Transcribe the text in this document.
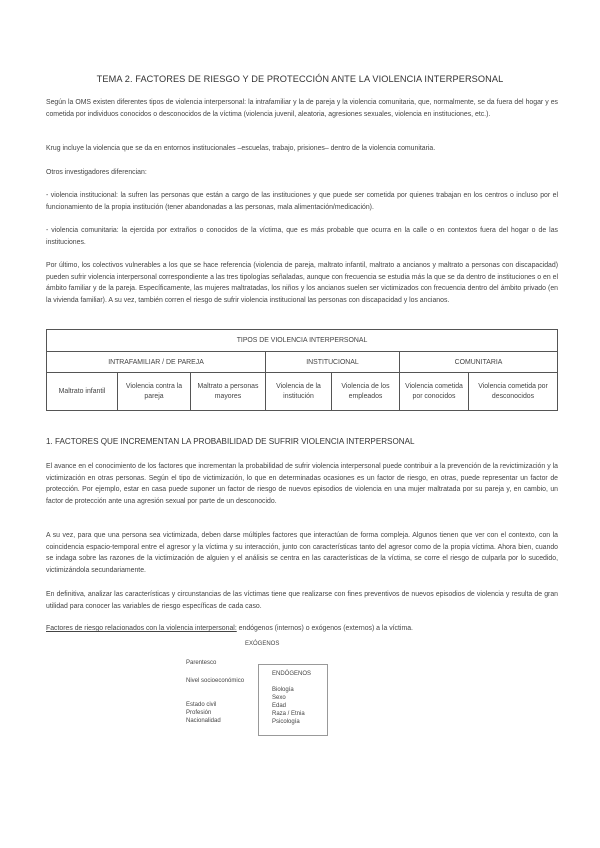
TEMA 2. FACTORES DE RIESGO Y DE PROTECCIÓN ANTE LA VIOLENCIA INTERPERSONAL
Según la OMS existen diferentes tipos de violencia interpersonal: la intrafamiliar y la de pareja y la violencia comunitaria, que, normalmente, se da fuera del hogar y es cometida por individuos conocidos o desconocidos de la víctima (violencia juvenil, aleatoria, agresiones sexuales, violencia en instituciones, etc.).
Krug incluye la violencia que se da en entornos institucionales –escuelas, trabajo, prisiones– dentro de la violencia comunitaria.
Otros investigadores diferencian:
- violencia institucional: la sufren las personas que están a cargo de las instituciones y que puede ser cometida por quienes trabajan en los centros o incluso por el funcionamiento de la propia institución (tener abandonadas a las personas, mala alimentación/medicación).
- violencia comunitaria: la ejercida por extraños o conocidos de la víctima, que es más probable que ocurra en la calle o en contextos fuera del hogar o de las instituciones.
Por último, los colectivos vulnerables a los que se hace referencia (violencia de pareja, maltrato infantil, maltrato a ancianos y maltrato a personas con discapacidad) pueden sufrir violencia interpersonal correspondiente a las tres tipologías señaladas, aunque con frecuencia se estudia más la que se da dentro de instituciones o en el ámbito familiar y de la pareja. Específicamente, las mujeres maltratadas, los niños y los ancianos suelen ser victimizados con frecuencia dentro del ámbito privado (en la vivienda familiar). A su vez, también corren el riesgo de sufrir violencia institucional las personas con discapacidad y los ancianos.
TIPOS DE VIOLENCIA INTERPERSONAL						
INTRAFAMILIAR / DE PAREJA			INSTITUCIONAL		COMUNITARIA	
Maltrato infantil	Violencia contra la pareja	Maltrato a personas mayores	Violencia de la institución	Violencia de los empleados	Violencia cometida por conocidos	Violencia cometida por desconocidos
1. FACTORES QUE INCREMENTAN LA PROBABILIDAD DE SUFRIR VIOLENCIA INTERPERSONAL
El avance en el conocimiento de los factores que incrementan la probabilidad de sufrir violencia interpersonal puede contribuir a la prevención de la revictimización y la victimización en otras personas. Según el tipo de victimización, lo que en determinadas ocasiones es un factor de riesgo, en otras, puede representar un factor de protección. Por ejemplo, estar en casa puede suponer un factor de riesgo de nuevos episodios de violencia en una mujer maltratada por su pareja y, en cambio, un factor de protección ante una agresión sexual por parte de un desconocido.
A su vez, para que una persona sea victimizada, deben darse múltiples factores que interactúan de forma compleja. Algunos tienen que ver con el contexto, con la coincidencia espacio-temporal entre el agresor y la víctima y su interacción, junto con características tanto del agresor como de la propia víctima. Ahora bien, cuando se indaga sobre las razones de la victimización de alguien y el análisis se centra en las características de la víctima, se corre el riesgo de culparla por lo sucedido, victimizándola secundariamente.
En definitiva, analizar las características y circunstancias de las víctimas tiene que realizarse con fines preventivos de nuevos episodios de violencia y resulta de gran utilidad para conocer las variables de riesgo específicas de cada caso.
Factores de riesgo relacionados con la violencia interpersonal: endógenos (internos) o exógenos (externos) a la víctima.
EXÓGENOS
Parentesco
Nivel socioeconómico
Estado civil
Profesión
Nacionalidad
ENDÓGENOS
Biología
Sexo
Edad
Raza / Etnia
Psicología
